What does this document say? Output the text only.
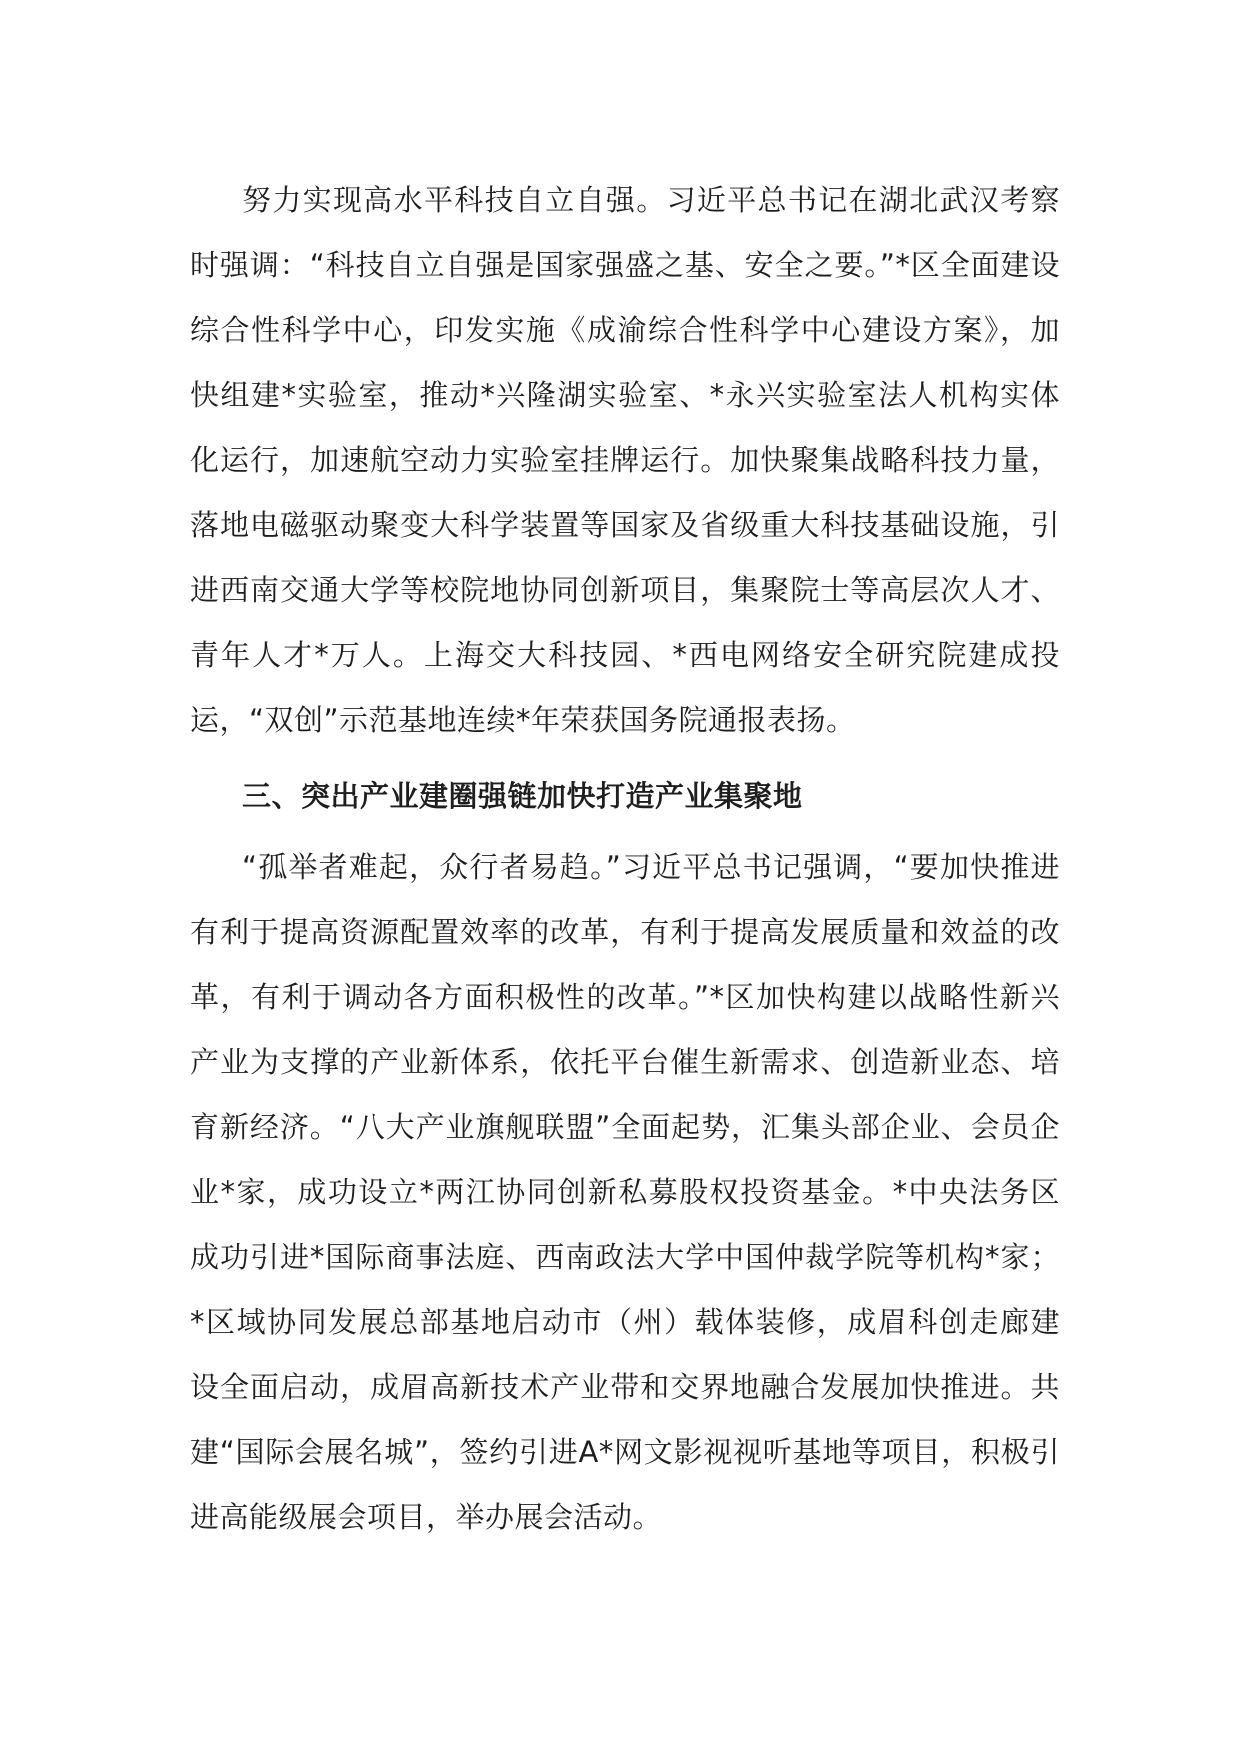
努力实现高水平科技自立自强。习近平总书记在湖北武汉考察时强调：“科技自立自强是国家强盛之基、安全之要。”*区全面建设综合性科学中心，印发实施《成渝综合性科学中心建设方案》，加快组建*实验室，推动*兴隆湖实验室、*永兴实验室法人机构实体化运行，加速航空动力实验室挂牌运行。加快聚集战略科技力量，落地电磁驱动聚变大科学装置等国家及省级重大科技基础设施，引进西南交通大学等校院地协同创新项目，集聚院士等高层次人才、青年人才*万人。上海交大科技园、*西电网络安全研究院建成投运，“双创”示范基地连续*年荣获国务院通报表扬。

三、突出产业建圈强链加快打造产业集聚地

“孤举者难起，众行者易趋。”习近平总书记强调，“要加快推进有利于提高资源配置效率的改革，有利于提高发展质量和效益的改革，有利于调动各方面积极性的改革。”*区加快构建以战略性新兴产业为支撑的产业新体系，依托平台催生新需求、创造新业态、培育新经济。“八大产业旗舰联盟”全面起势，汇集头部企业、会员企业*家，成功设立*两江协同创新私募股权投资基金。*中央法务区成功引进*国际商事法庭、西南政法大学中国仲裁学院等机构*家；*区域协同发展总部基地启动市（州）载体装修，成眉科创走廊建设全面启动，成眉高新技术产业带和交界地融合发展加快推进。共建“国际会展名城”，签约引进A*网文影视视听基地等项目，积极引进高能级展会项目，举办展会活动。
